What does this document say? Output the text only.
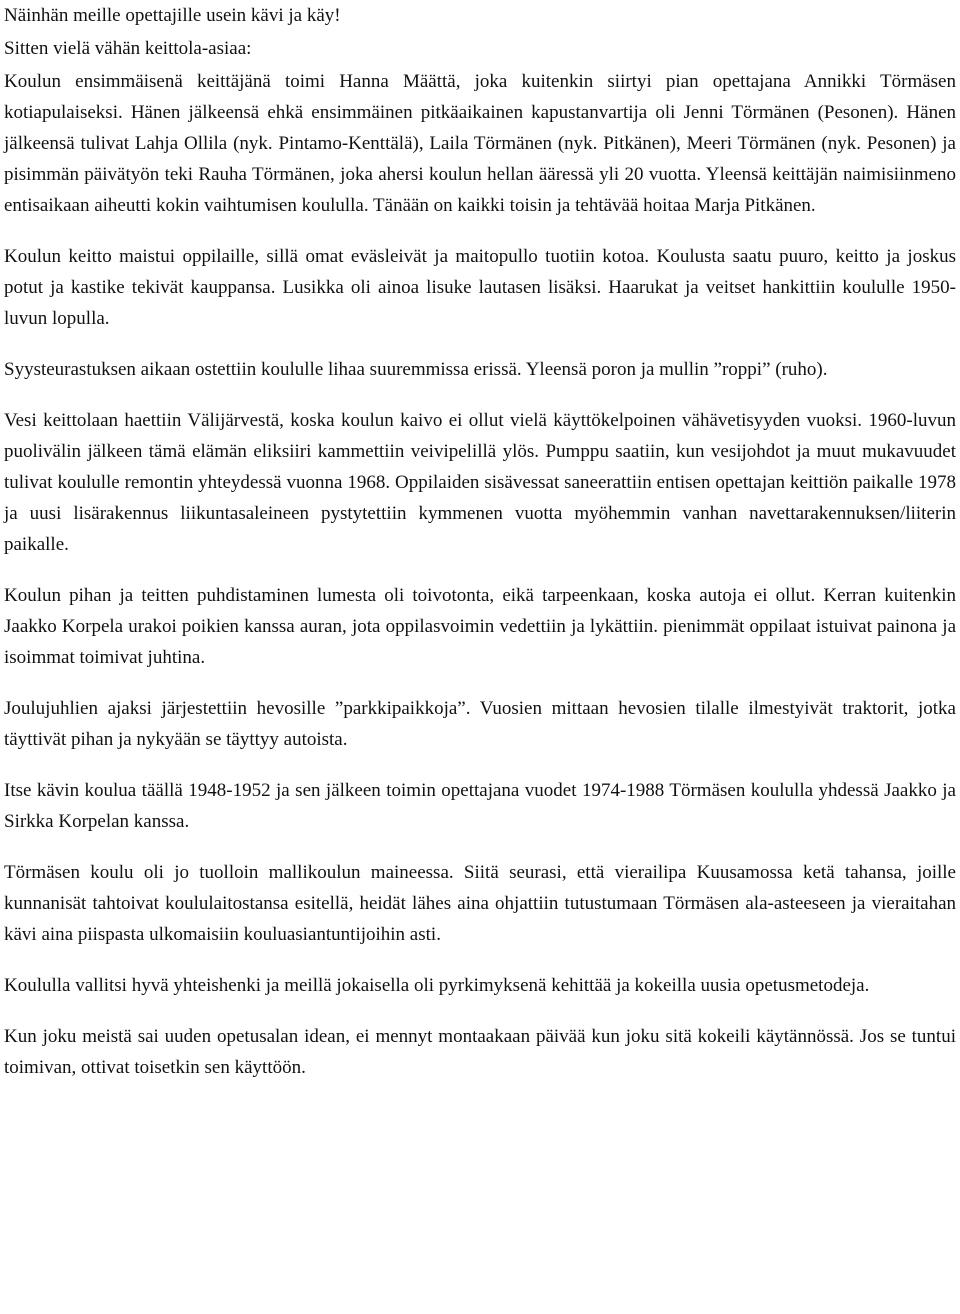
Näinhän meille opettajille usein kävi ja käy!

Sitten vielä vähän keittola-asiaa:

Koulun ensimmäisenä keittäjänä toimi Hanna Määttä, joka kuitenkin siirtyi pian opettajana Annikki Törmäsen kotiapulaiseksi. Hänen jälkeensä ehkä ensimmäinen pitkäaikainen kapustanvartija oli Jenni Törmänen (Pesonen). Hänen jälkeensä tulivat Lahja Ollila (nyk. Pintamo-Kenttälä), Laila Törmänen (nyk. Pitkänen), Meeri Törmänen (nyk. Pesonen) ja pisimmän päivätyön teki Rauha Törmänen, joka ahersi koulun hellan ääressä yli 20 vuotta. Yleensä keittäjän naimisiinmeno entisaikaan aiheutti kokin vaihtumisen koululla. Tänään on kaikki toisin ja tehtävää hoitaa Marja Pitkänen.

Koulun keitto maistui oppilaille, sillä omat eväsleivät ja maitopullo tuotiin kotoa. Koulusta saatu puuro, keitto ja joskus potut ja kastike tekivät kauppansa. Lusikka oli ainoa lisuke lautasen lisäksi. Haarukat ja veitset hankittiin koululle 1950-luvun lopulla.

Syysteurastuksen aikaan ostettiin koululle lihaa suuremmissa erissä. Yleensä poron ja mullin ”roppi” (ruho).

Vesi keittolaan haettiin Välijärvestä, koska koulun kaivo ei ollut vielä käyttökelpoinen vähävetisyyden vuoksi. 1960-luvun puolivälin jälkeen tämä elämän eliksiiri kammettiin veivipelillä ylös. Pumppu saatiin, kun vesijohdot ja muut mukavuudet tulivat koululle remontin yhteydessä vuonna 1968. Oppilaiden sisävessat saneerattiin entisen opettajan keittiön paikalle 1978 ja uusi lisärakennus liikuntasaleineen pystytettiin kymmenen vuotta myöhemmin vanhan navettarakennuksen/liiterin paikalle.

Koulun pihan ja teitten puhdistaminen lumesta oli toivotonta, eikä tarpeenkaan, koska autoja ei ollut. Kerran kuitenkin Jaakko Korpela urakoi poikien kanssa auran, jota oppilasvoimin vedettiin ja lykättiin. pienimmät oppilaat istuivat painona ja isoimmat toimivat juhtina.

Joulujuhlien ajaksi järjestettiin hevosille ”parkkipaikkoja”. Vuosien mittaan hevosien tilalle ilmestyivät traktorit, jotka täyttivät pihan ja nykyään se täyttyy autoista.

Itse kävin koulua täällä 1948-1952 ja sen jälkeen toimin opettajana vuodet 1974-1988 Törmäsen koululla yhdessä Jaakko ja Sirkka Korpelan kanssa.

Törmäsen koulu oli jo tuolloin mallikoulun maineessa. Siitä seurasi, että vierailipa Kuusamossa ketä tahansa, joille kunnanisät tahtoivat koululaitostansa esitellä, heidät lähes aina ohjattiin tutustumaan Törmäsen ala-asteeseen ja vieraitahan kävi aina piispasta ulkomaisiin kouluasiantuntijoihin asti.

Koululla vallitsi hyvä yhteishenki ja meillä jokaisella oli pyrkimyksenä kehittää ja kokeilla uusia opetusmetodeja.

Kun joku meistä sai uuden opetusalan idean, ei mennyt montaakaan päivää kun joku sitä kokeili käytännössä. Jos se tuntui toimivan, ottivat toisetkin sen käyttöön.
